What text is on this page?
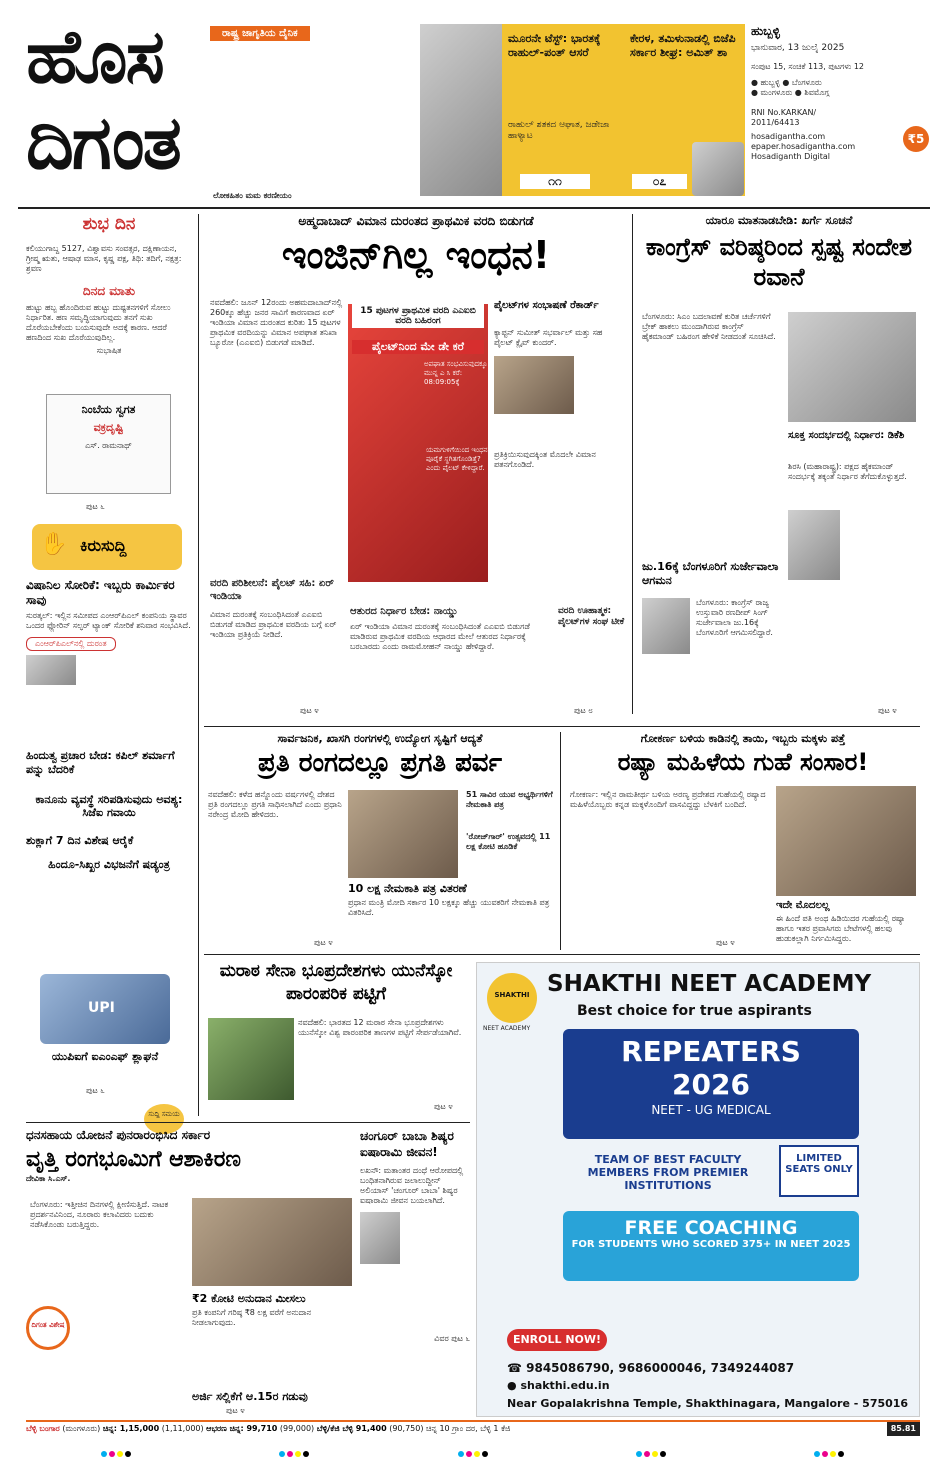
ಹೊಸ
ದಿಗಂತ
ರಾಷ್ಟ್ರ ಜಾಗೃತಿಯ ದೈನಿಕ
ಲೋಕಹಿತಂ ಮಮ ಕರಣೀಯಂ
ಮೂರನೇ ಟೆಸ್ಟ್: ಭಾರತಕ್ಕೆ ರಾಹುಲ್-ಪಂತ್ ಆಸರೆ
ರಾಹುಲ್ ಶತಕದ ಆಘಾತ, ಜಡೇಜಾ ಹಾಳ್ಯಾಟ
೧೧
ಕೇರಳ, ತಮಿಳುನಾಡಲ್ಲಿ ಬಿಜೆಪಿ ಸರ್ಕಾರ ಶೀಘ್ರ: ಅಮಿತ್ ಶಾ
೦೭
ಹುಬ್ಬಳ್ಳಿ
ಭಾನುವಾರ, 13 ಜುಲೈ 2025
ಸಂಪುಟ 15, ಸಂಚಿಕೆ 113, ಪುಟಗಳು 12
● ಹುಬ್ಬಳ್ಳಿ ● ಬೆಂಗಳೂರು
● ಮಂಗಳೂರು ● ಶಿವಮೊಗ್ಗ
₹5
RNI No.KARKAN/ 2011/64413
hosadigantha.com
epaper.hosadigantha.com
Hosadiganth Digital
ಶುಭ ದಿನ
ಕಲಿಯುಗಾಬ್ದ 5127, ವಿಶ್ವಾವಸು ಸಂವತ್ಸರ, ದಕ್ಷಿಣಾಯನ, ಗ್ರೀಷ್ಮ ಋತು, ಆಷಾಢ ಮಾಸ, ಕೃಷ್ಣ ಪಕ್ಷ, ತಿಥಿ: ತದಿಗೆ, ನಕ್ಷತ್ರ: ಶ್ರವಣ
ದಿನದ ಮಾತು
ಹುಟ್ಟು ಹಬ್ಬ ಹೊಂದಿರುವ ಹುಟ್ಟು ದುಷ್ಟತನಗಳಿಗೆ ಸೋಲು ನಿರ್ಧಾರಿತ. ಹಣ ಸಮೃದ್ಧಿಯಾಗುವುದು ತನಗೆ ಸುಖ ದೊರೆಯಬೇಕೆಂದು ಬಯಸುವುದೇ ಅದಕ್ಕೆ ಕಾರಣ. ಆದರೆ ಹಣದಿಂದ ಸುಖ ದೊರೆಯುವುದಿಲ್ಲ.
ಸುಭಾಷಿತ
ನಿಂಬೆಯ ಸ್ವಗತ
ವಕ್ರದೃಷ್ಟಿ
ಎಸ್. ರಾಮನಾಥ್
ಪುಟ ೬
✋ ಕಿರುಸುದ್ದಿ
ವಿಷಾನಿಲ ಸೋರಿಕೆ: ಇಬ್ಬರು ಕಾರ್ಮಿಕರ ಸಾವು
ಸುರತ್ಕಲ್: ಇಲ್ಲಿನ ಸಮೀಪದ ಎಂಆರ್‌ಪಿಎಲ್ ಕಂಪನಿಯ ಸ್ಥಾವರ ಒಂದರ ಫ್ಲೋರಿನ್ ಸಲ್ಫರ್ ಟ್ಯಾಂಕ್ ಸೋರಿಕೆ ಶನಿವಾರ ಸಂಭವಿಸಿದೆ.
ಎಂಆರ್‌ಪಿಎಲ್‌ನಲ್ಲಿ ದುರಂತ
ಹಿಂದುತ್ವ ಪ್ರಚಾರ ಬೇಡ: ಕಪಿಲ್ ಶರ್ಮಾಗೆ ಪನ್ನು ಬೆದರಿಕೆ
ಕಾನೂನು ವ್ಯವಸ್ಥೆ ಸರಿಪಡಿಸುವುದು ಅವಶ್ಯ: ಸಿಜೆಐ ಗವಾಯಿ
ಶುಕ್ಲಾಗೆ 7 ದಿನ ವಿಶೇಷ ಆರೈಕೆ
ಹಿಂದೂ-ಸಿಖ್ಖರ ವಿಭಜನೆಗೆ ಷಡ್ಯಂತ್ರ
UPI
ಯುಪಿಐಗೆ ಐಎಂಎಫ್ ಶ್ಲಾಘನೆ
ಪುಟ ೬
ಸುದ್ದಿ ಸಮಯ
ಅಹ್ಮದಾಬಾದ್ ವಿಮಾನ ದುರಂತದ ಪ್ರಾಥಮಿಕ ವರದಿ ಬಿಡುಗಡೆ
ಇಂಜಿನ್‌ಗಿಲ್ಲ ಇಂಧನ!
ನವದೆಹಲಿ: ಜೂನ್ 12ರಂದು ಅಹಮದಾಬಾದ್‌ನಲ್ಲಿ 260ಕ್ಕೂ ಹೆಚ್ಚು ಜನರ ಸಾವಿಗೆ ಕಾರಣವಾದ ಏರ್ ಇಂಡಿಯಾ ವಿಮಾನ ದುರಂತದ ಕುರಿತು 15 ಪುಟಗಳ ಪ್ರಾಥಮಿಕ ವರದಿಯನ್ನು ವಿಮಾನ ಅಪಘಾತ ತನಿಖಾ ಬ್ಯೂರೋ (ಎಎಐಬಿ) ಬಿಡುಗಡೆ ಮಾಡಿದೆ.
ವರದಿ ಪರಿಶೀಲನೆ: ಪೈಲಟ್ ಸಹಿ: ಏರ್ ಇಂಡಿಯಾ
ವಿಮಾನ ದುರಂತಕ್ಕೆ ಸಂಬಂಧಿಸಿದಂತೆ ಎಎಐಬಿ ಬಿಡುಗಡೆ ಮಾಡಿದ ಪ್ರಾಥಮಿಕ ವರದಿಯ ಬಗ್ಗೆ ಏರ್ ಇಂಡಿಯಾ ಪ್ರತಿಕ್ರಿಯೆ ನೀಡಿದೆ.
ಪುಟ ೪
15 ಪುಟಗಳ ಪ್ರಾಥಮಿಕ ವರದಿ ಎಎಐಬಿ ವರದಿ ಬಹಿರಂಗ
ಪೈಲಟ್‌ನಿಂದ ಮೇ ಡೇ ಕರೆ
ಅಪಘಾತ ಸಂಭವಿಸುವುದಕ್ಕೂ ಮುನ್ನ ಎ ಸಿ ಕರೆ: 08:09:05ಕ್ಕೆ
ಯಮಗುಳಿಗೆಯಿಂದ ಇಂಧನ ಪೂರೈಕೆ ಸ್ಥಗಿತಗೊಂಡಿತ್ತೆ? ಎಂದು ಪೈಲಟ್ ಕೇಳಿದ್ದಾರೆ.
ಪೈಲಟ್‌ಗಳ ಸಂಭಾಷಣೆ ರೆಕಾರ್ಡ್
ಕ್ಯಾಪ್ಟನ್ ಸುಮೀತ್ ಸಭರ್ವಾಲ್ ಮತ್ತು ಸಹ ಪೈಲಟ್ ಕ್ಲೈವ್ ಕುಂದರ್.
ಪ್ರತಿಕ್ರಿಯಿಸುವುದಕ್ಕಿಂತ ಮೊದಲೇ ವಿಮಾನ ಪತನಗೊಂಡಿದೆ.
ಆತುರದ ನಿರ್ಧಾರ ಬೇಡ: ನಾಯ್ಡು
ಏರ್ ಇಂಡಿಯಾ ವಿಮಾನ ದುರಂತಕ್ಕೆ ಸಂಬಂಧಿಸಿದಂತೆ ಎಎಐಬಿ ಬಿಡುಗಡೆ ಮಾಡಿರುವ ಪ್ರಾಥಮಿಕ ವರದಿಯ ಆಧಾರದ ಮೇಲೆ ಆತುರದ ನಿರ್ಧಾರಕ್ಕೆ ಬರಬಾರದು ಎಂದು ರಾಮಮೋಹನ್ ನಾಯ್ಡು ಹೇಳಿದ್ದಾರೆ.
ವರದಿ ಊಹಾತ್ಮಕ: ಪೈಲಟ್‌ಗಳ ಸಂಘ ಟೀಕೆ
ಪುಟ ೮
ಯಾರೂ ಮಾತನಾಡಬೇಡಿ: ಖರ್ಗೆ ಸೂಚನೆ
ಕಾಂಗ್ರೆಸ್ ವರಿಷ್ಠರಿಂದ ಸ್ಪಷ್ಟ ಸಂದೇಶ ರವಾನೆ
ಬೆಂಗಳೂರು: ಸಿಎಂ ಬದಲಾವಣೆ ಕುರಿತ ಚರ್ಚೆಗಳಿಗೆ ಬ್ರೇಕ್ ಹಾಕಲು ಮುಂದಾಗಿರುವ ಕಾಂಗ್ರೆಸ್ ಹೈಕಮಾಂಡ್ ಬಹಿರಂಗ ಹೇಳಿಕೆ ನೀಡದಂತೆ ಸೂಚಿಸಿದೆ.
ಸೂಕ್ತ ಸಂದರ್ಭದಲ್ಲಿ ನಿರ್ಧಾರ: ಡಿಕೆಶಿ
ಶಿರಸಿ (ಮಹಾರಾಷ್ಟ್ರ): ಪಕ್ಷದ ಹೈಕಮಾಂಡ್ ಸಂದರ್ಭಕ್ಕೆ ತಕ್ಕಂತೆ ನಿರ್ಧಾರ ತೆಗೆದುಕೊಳ್ಳುತ್ತದೆ.
ಜು.16ಕ್ಕೆ ಬೆಂಗಳೂರಿಗೆ ಸುರ್ಜೇವಾಲಾ ಆಗಮನ
ಬೆಂಗಳೂರು: ಕಾಂಗ್ರೆಸ್ ರಾಜ್ಯ ಉಸ್ತುವಾರಿ ರಣದೀಪ್ ಸಿಂಗ್ ಸುರ್ಜೇವಾಲಾ ಜು.16ಕ್ಕೆ ಬೆಂಗಳೂರಿಗೆ ಆಗಮಿಸಲಿದ್ದಾರೆ.
ಪುಟ ೪
ಸಾರ್ವಜನಿಕ, ಖಾಸಗಿ ರಂಗಗಳಲ್ಲಿ ಉದ್ಯೋಗ ಸೃಷ್ಟಿಗೆ ಆದ್ಯತೆ
ಪ್ರತಿ ರಂಗದಲ್ಲೂ ಪ್ರಗತಿ ಪರ್ವ
ನವದೆಹಲಿ: ಕಳೆದ ಹನ್ನೊಂದು ವರ್ಷಗಳಲ್ಲಿ ದೇಶದ ಪ್ರತಿ ರಂಗದಲ್ಲೂ ಪ್ರಗತಿ ಸಾಧಿಸಲಾಗಿದೆ ಎಂದು ಪ್ರಧಾನಿ ನರೇಂದ್ರ ಮೋದಿ ಹೇಳಿದರು.
51 ಸಾವಿರ ಯುವ ಅಭ್ಯರ್ಥಿಗಳಿಗೆ ನೇಮಕಾತಿ ಪತ್ರ
'ರೋಜ್‌ಗಾರ್' ಉತ್ಸವದಲ್ಲಿ 11 ಲಕ್ಷ ಕೋಟಿ ಹೂಡಿಕೆ
10 ಲಕ್ಷ ನೇಮಕಾತಿ ಪತ್ರ ವಿತರಣೆ
ಪ್ರಧಾನ ಮಂತ್ರಿ ಮೋದಿ ಸರ್ಕಾರ 10 ಲಕ್ಷಕ್ಕೂ ಹೆಚ್ಚು ಯುವಕರಿಗೆ ನೇಮಕಾತಿ ಪತ್ರ ವಿತರಿಸಿದೆ.
ಪುಟ ೪
ಗೋಕರ್ಣ ಬಳಿಯ ಕಾಡಿನಲ್ಲಿ ತಾಯಿ, ಇಬ್ಬರು ಮಕ್ಕಳು ಪತ್ತೆ
ರಷ್ಯಾ ಮಹಿಳೆಯ ಗುಹೆ ಸಂಸಾರ!
ಗೋಕರ್ಣ: ಇಲ್ಲಿನ ರಾಮತೀರ್ಥ ಬಳಿಯ ಅರಣ್ಯ ಪ್ರದೇಶದ ಗುಹೆಯಲ್ಲಿ ರಷ್ಯಾದ ಮಹಿಳೆಯೊಬ್ಬರು ಕನ್ನಡ ಮಕ್ಕಳೊಂದಿಗೆ ವಾಸವಿದ್ದದ್ದು ಬೆಳಕಿಗೆ ಬಂದಿದೆ.
ಇದೇ ಮೊದಲಲ್ಲ
ಈ ಹಿಂದೆ ಪತಿ ಅಂಥ ಹಿಡಿಯಿದರ ಗುಹೆಯಲ್ಲಿ ರಷ್ಯಾ ಹಾಗೂ ಇತರ ಪ್ರವಾಸಿಗರು ಬೇಟೆಗಳಲ್ಲಿ ಹಲವು ಹುಡುಕಲ್ಲಾಗಿ ನಿರ್ಗಮಿಸಿದ್ದರು.
ಪುಟ ೪
ಮರಾಠ ಸೇನಾ ಭೂಪ್ರದೇಶಗಳು ಯುನೆಸ್ಕೋ ಪಾರಂಪರಿಕ ಪಟ್ಟಿಗೆ
ನವದೆಹಲಿ: ಭಾರತದ 12 ಮರಾಠ ಸೇನಾ ಭೂಪ್ರದೇಶಗಳು ಯುನೆಸ್ಕೋ ವಿಶ್ವ ಪಾರಂಪರಿಕ ತಾಣಗಳ ಪಟ್ಟಿಗೆ ಸೇರ್ಪಡೆಯಾಗಿವೆ.
ಪುಟ ೪
SHAKTHI
NEET ACADEMY
SHAKTHI NEET ACADEMY
Best choice for true aspirants
REPEATERS
2026
NEET - UG MEDICAL
TEAM OF BEST FACULTY MEMBERS FROM PREMIER INSTITUTIONS
LIMITED SEATS ONLY
FREE COACHING
FOR STUDENTS WHO SCORED 375+ IN NEET 2025
ENROLL NOW!
☎ 9845086790, 9686000046, 7349244087
● shakthi.edu.in
Near Gopalakrishna Temple, Shakthinagara, Mangalore - 575016
ಧನಸಹಾಯ ಯೋಜನೆ ಪುನರಾರಂಭಿಸಿದ ಸರ್ಕಾರ
ವೃತ್ತಿ ರಂಗಭೂಮಿಗೆ ಆಶಾಕಿರಣ
ದೇವಿಕಾ ಸಿ.ಎಸ್.
ಬೆಂಗಳೂರು: ಇತ್ತೀಚಿನ ದಿನಗಳಲ್ಲಿ ಕ್ಷೀಣಿಸುತ್ತಿದೆ. ನಾಟಕ ಪ್ರದರ್ಶನವಿನಿಂದ, ನೂರಾರು ಕಲಾವಿದರು ಬದುಕು ನಡೆಸಿಕೊಂಡು ಬರುತ್ತಿದ್ದರು.
ದಿಗಂತ ವಿಶೇಷ
₹2 ಕೋಟಿ ಅನುದಾನ ಮೀಸಲು
ಪ್ರತಿ ಕಂಪನಿಗೆ ಗರಿಷ್ಠ ₹8 ಲಕ್ಷ ವರೆಗೆ ಅನುದಾನ ನೀಡಲಾಗುವುದು.
ಅರ್ಜಿ ಸಲ್ಲಿಕೆಗೆ ಆ.15ರ ಗಡುವು
ಪುಟ ೪
ಚಂಗೂರ್ ಬಾಬಾ ಶಿಷ್ಯರ ಐಷಾರಾಮಿ ಜೀವನ!
ಲಖನೌ: ಮತಾಂತರ ದಂಧೆ ಆರೋಪದಲ್ಲಿ ಬಂಧಿತನಾಗಿರುವ ಜಲಾಲುದ್ದೀನ್ ಅಲಿಯಾಸ್ 'ಚಂಗೂರ್ ಬಾಬಾ' ಶಿಷ್ಯರ ಐಷಾರಾಮಿ ಜೀವನ ಬಯಲಾಗಿದೆ.
ವಿವರ ಪುಟ ೬
ಬೆಳ್ಳಿ ಬಂಗಾರ (ಮಂಗಳೂರು) ಚಿನ್ನ: 1,15,000 (1,11,000) ಆಭರಣ ಚಿನ್ನ: 99,710 (99,000) ಬೆಳ್ಳಿ/ಕೆಜಿ ಬೆಳ್ಳಿ 91,400 (90,750) ಚಿನ್ನ 10 ಗ್ರಾಂ ದರ, ಬೆಳ್ಳಿ 1 ಕೆಜಿ	85.81
